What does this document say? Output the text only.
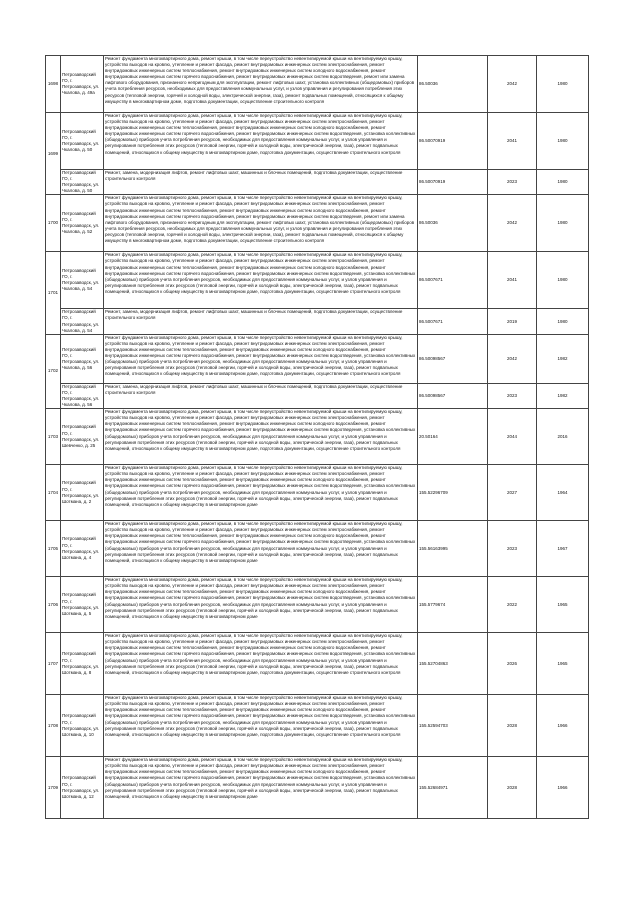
1698	Петрозаводский ГО, г. Петрозаводск, ул. Чкалова, д. 49а	Ремонт фундамента многоквартирного дома, ремонт крыши, в том числе переустройство невентилируемой крыши на вентилируемую крышу, устройство выходов на кровлю, утепление и ремонт фасада, ремонт внутридомовых инженерных систем электроснабжения, ремонт внутридомовых инженерных систем теплоснабжения, ремонт внутридомовых инженерных систем холодного водоснабжения, ремонт внутридомовых инженерных систем горячего водоснабжения, ремонт внутридомовых инженерных систем водоотведения, ремонт или замена лифтового оборудования, признанного непригодным для эксплуатации, ремонт лифтовых шахт, установка коллективных (общедомовых) приборов учета потребления ресурсов, необходимых для предоставления коммунальных услуг, и узлов управления и регулирования потребления этих ресурсов (тепловой энергии, горячей и холодной воды, электрической энергии, газа), ремонт подвальных помещений, относящихся к общему имуществу в многоквартирном доме, подготовка документации, осуществление строительного контроля	86.50036	2042	1980
1699	Петрозаводский ГО, г. Петрозаводск, ул. Чкалова, д. 50	Ремонт фундамента многоквартирного дома, ремонт крыши, в том числе переустройство невентилируемой крыши на вентилируемую крышу, устройство выходов на кровлю, утепление и ремонт фасада, ремонт внутридомовых инженерных систем электроснабжения, ремонт внутридомовых инженерных систем теплоснабжения, ремонт внутридомовых инженерных систем холодного водоснабжения, ремонт внутридомовых инженерных систем горячего водоснабжения, ремонт внутридомовых инженерных систем водоотведения, установка коллективных (общедомовых) приборов учета потребления ресурсов, необходимых для предоставления коммунальных услуг, и узлов управления и регулирования потребления этих ресурсов (тепловой энергии, горячей и холодной воды, электрической энергии, газа), ремонт подвальных помещений, относящихся к общему имуществу в многоквартирном доме, подготовка документации, осуществление строительного контроля	86.50070919	2041	1980
	Петрозаводский ГО, г. Петрозаводск, ул. Чкалова, д. 50	Ремонт, замена, модернизация лифтов, ремонт лифтовых шахт, машинных и блочных помещений, подготовка документации, осуществление строительного контроля	86.50070919	2023	1980
1700	Петрозаводский ГО, г. Петрозаводск, ул. Чкалова, д. 52	Ремонт фундамента многоквартирного дома, ремонт крыши, в том числе переустройство невентилируемой крыши на вентилируемую крышу, устройство выходов на кровлю, утепление и ремонт фасада, ремонт внутридомовых инженерных систем электроснабжения, ремонт внутридомовых инженерных систем теплоснабжения, ремонт внутридомовых инженерных систем холодного водоснабжения, ремонт внутридомовых инженерных систем горячего водоснабжения, ремонт внутридомовых инженерных систем водоотведения, ремонт или замена лифтового оборудования, признанного непригодным для эксплуатации, ремонт лифтовых шахт, установка коллективных (общедомовых) приборов учета потребления ресурсов, необходимых для предоставления коммунальных услуг, и узлов управления и регулирования потребления этих ресурсов (тепловой энергии, горячей и холодной воды, электрической энергии, газа), ремонт подвальных помещений, относящихся к общему имуществу в многоквартирном доме, подготовка документации, осуществление строительного контроля	86.50036	2042	1980
1701	Петрозаводский ГО, г. Петрозаводск, ул. Чкалова, д. 54	Ремонт фундамента многоквартирного дома, ремонт крыши, в том числе переустройство невентилируемой крыши на вентилируемую крышу, устройство выходов на кровлю, утепление и ремонт фасада, ремонт внутридомовых инженерных систем электроснабжения, ремонт внутридомовых инженерных систем теплоснабжения, ремонт внутридомовых инженерных систем холодного водоснабжения, ремонт внутридомовых инженерных систем горячего водоснабжения, ремонт внутридомовых инженерных систем водоотведения, установка коллективных (общедомовых) приборов учета потребления ресурсов, необходимых для предоставления коммунальных услуг, и узлов управления и регулирования потребления этих ресурсов (тепловой энергии, горячей и холодной воды, электрической энергии, газа), ремонт подвальных помещений, относящихся к общему имуществу в многоквартирном доме, подготовка документации, осуществление строительного контроля	86.5007671	2041	1980
	Петрозаводский ГО, г. Петрозаводск, ул. Чкалова, д. 54	Ремонт, замена, модернизация лифтов, ремонт лифтовых шахт, машинных и блочных помещений, подготовка документации, осуществление строительного контроля	86.5007671	2019	1980
1702	Петрозаводский ГО, г. Петрозаводск, ул. Чкалова, д. 56	Ремонт фундамента многоквартирного дома, ремонт крыши, в том числе переустройство невентилируемой крыши на вентилируемую крышу, устройство выходов на кровлю, утепление и ремонт фасада, ремонт внутридомовых инженерных систем электроснабжения, ремонт внутридомовых инженерных систем теплоснабжения, ремонт внутридомовых инженерных систем холодного водоснабжения, ремонт внутридомовых инженерных систем горячего водоснабжения, ремонт внутридомовых инженерных систем водоотведения, установка коллективных (общедомовых) приборов учета потребления ресурсов, необходимых для предоставления коммунальных услуг, и узлов управления и регулирования потребления этих ресурсов (тепловой энергии, горячей и холодной воды, электрической энергии, газа), ремонт подвальных помещений, относящихся к общему имуществу в многоквартирном доме, подготовка документации, осуществление строительного контроля	86.50098567	2042	1982
	Петрозаводский ГО, г. Петрозаводск, ул. Чкалова, д. 56	Ремонт, замена, модернизация лифтов, ремонт лифтовых шахт, машинных и блочных помещений, подготовка документации, осуществление строительного контроля	86.50098567	2023	1982
1703	Петрозаводский ГО, г. Петрозаводск, ул. Шевченко, д. 25	Ремонт фундамента многоквартирного дома, ремонт крыши, в том числе переустройство невентилируемой крыши на вентилируемую крышу, устройство выходов на кровлю, утепление и ремонт фасада, ремонт внутридомовых инженерных систем электроснабжения, ремонт внутридомовых инженерных систем теплоснабжения, ремонт внутридомовых инженерных систем холодного водоснабжения, ремонт внутридомовых инженерных систем горячего водоснабжения, ремонт внутридомовых инженерных систем водоотведения, установка коллективных (общедомовых) приборов учета потребления ресурсов, необходимых для предоставления коммунальных услуг, и узлов управления и регулирования потребления этих ресурсов (тепловой энергии, горячей и холодной воды, электрической энергии, газа), ремонт подвальных помещений, относящихся к общему имуществу в многоквартирном доме, подготовка документации, осуществление строительного контроля	20.50164	2044	2016
1704	Петрозаводский ГО, г. Петрозаводск, ул. Шотмана, д. 2	Ремонт фундамента многоквартирного дома, ремонт крыши, в том числе переустройство невентилируемой крыши на вентилируемую крышу, устройство выходов на кровлю, утепление и ремонт фасада, ремонт внутридомовых инженерных систем электроснабжения, ремонт внутридомовых инженерных систем теплоснабжения, ремонт внутридомовых инженерных систем холодного водоснабжения, ремонт внутридомовых инженерных систем горячего водоснабжения, ремонт внутридомовых инженерных систем водоотведения, установка коллективных (общедомовых) приборов учета потребления ресурсов, необходимых для предоставления коммунальных услуг, и узлов управления и регулирования потребления этих ресурсов (тепловой энергии, горячей и холодной воды, электрической энергии, газа), ремонт подвальных помещений, относящихся к общему имуществу в многоквартирном доме	155.52296709	2027	1964
1705	Петрозаводский ГО, г. Петрозаводск, ул. Шотмана, д. 4	Ремонт фундамента многоквартирного дома, ремонт крыши, в том числе переустройство невентилируемой крыши на вентилируемую крышу, устройство выходов на кровлю, утепление и ремонт фасада, ремонт внутридомовых инженерных систем электроснабжения, ремонт внутридомовых инженерных систем теплоснабжения, ремонт внутридомовых инженерных систем холодного водоснабжения, ремонт внутридомовых инженерных систем горячего водоснабжения, ремонт внутридомовых инженерных систем водоотведения, установка коллективных (общедомовых) приборов учета потребления ресурсов, необходимых для предоставления коммунальных услуг, и узлов управления и регулирования потребления этих ресурсов (тепловой энергии, горячей и холодной воды, электрической энергии, газа), ремонт подвальных помещений, относящихся к общему имуществу в многоквартирном доме	155.56163995	2023	1967
1706	Петрозаводский ГО, г. Петрозаводск, ул. Шотмана, д. 5	Ремонт фундамента многоквартирного дома, ремонт крыши, в том числе переустройство невентилируемой крыши на вентилируемую крышу, устройство выходов на кровлю, утепление и ремонт фасада, ремонт внутридомовых инженерных систем электроснабжения, ремонт внутридомовых инженерных систем теплоснабжения, ремонт внутридомовых инженерных систем холодного водоснабжения, ремонт внутридомовых инженерных систем горячего водоснабжения, ремонт внутридомовых инженерных систем водоотведения, установка коллективных (общедомовых) приборов учета потребления ресурсов, необходимых для предоставления коммунальных услуг, и узлов управления и регулирования потребления этих ресурсов (тепловой энергии, горячей и холодной воды, электрической энергии, газа), ремонт подвальных помещений, относящихся к общему имуществу в многоквартирном доме	155.5779674	2022	1965
1707	Петрозаводский ГО, г. Петрозаводск, ул. Шотмана, д. 8	Ремонт фундамента многоквартирного дома, ремонт крыши, в том числе переустройство невентилируемой крыши на вентилируемую крышу, устройство выходов на кровлю, утепление и ремонт фасада, ремонт внутридомовых инженерных систем электроснабжения, ремонт внутридомовых инженерных систем теплоснабжения, ремонт внутридомовых инженерных систем холодного водоснабжения, ремонт внутридомовых инженерных систем горячего водоснабжения, ремонт внутридомовых инженерных систем водоотведения, установка коллективных (общедомовых) приборов учета потребления ресурсов, необходимых для предоставления коммунальных услуг, и узлов управления и регулирования потребления этих ресурсов (тепловой энергии, горячей и холодной воды, электрической энергии, газа), ремонт подвальных помещений, относящихся к общему имуществу в многоквартирном доме, подготовка документации, осуществление строительного контроля	155.52704863	2026	1965
1708	Петрозаводский ГО, г. Петрозаводск, ул. Шотмана, д. 10	Ремонт фундамента многоквартирного дома, ремонт крыши, в том числе переустройство невентилируемой крыши на вентилируемую крышу, устройство выходов на кровлю, утепление и ремонт фасада, ремонт внутридомовых инженерных систем электроснабжения, ремонт внутридомовых инженерных систем теплоснабжения, ремонт внутридомовых инженерных систем холодного водоснабжения, ремонт внутридомовых инженерных систем горячего водоснабжения, ремонт внутридомовых инженерных систем водоотведения, установка коллективных (общедомовых) приборов учета потребления ресурсов, необходимых для предоставления коммунальных услуг, и узлов управления и регулирования потребления этих ресурсов (тепловой энергии, горячей и холодной воды, электрической энергии, газа), ремонт подвальных помещений, относящихся к общему имуществу в многоквартирном доме, подготовка документации, осуществление строительного контроля	155.52594703	2028	1966
1709	Петрозаводский ГО, г. Петрозаводск, ул. Шотмана, д. 12	Ремонт фундамента многоквартирного дома, ремонт крыши, в том числе переустройство невентилируемой крыши на вентилируемую крышу, устройство выходов на кровлю, утепление и ремонт фасада, ремонт внутридомовых инженерных систем электроснабжения, ремонт внутридомовых инженерных систем теплоснабжения, ремонт внутридомовых инженерных систем холодного водоснабжения, ремонт внутридомовых инженерных систем горячего водоснабжения, ремонт внутридомовых инженерных систем водоотведения, установка коллективных (общедомовых) приборов учета потребления ресурсов, необходимых для предоставления коммунальных услуг, и узлов управления и регулирования потребления этих ресурсов (тепловой энергии, горячей и холодной воды, электрической энергии, газа), ремонт подвальных помещений, относящихся к общему имуществу в многоквартирном доме	155.52684971	2028	1966
